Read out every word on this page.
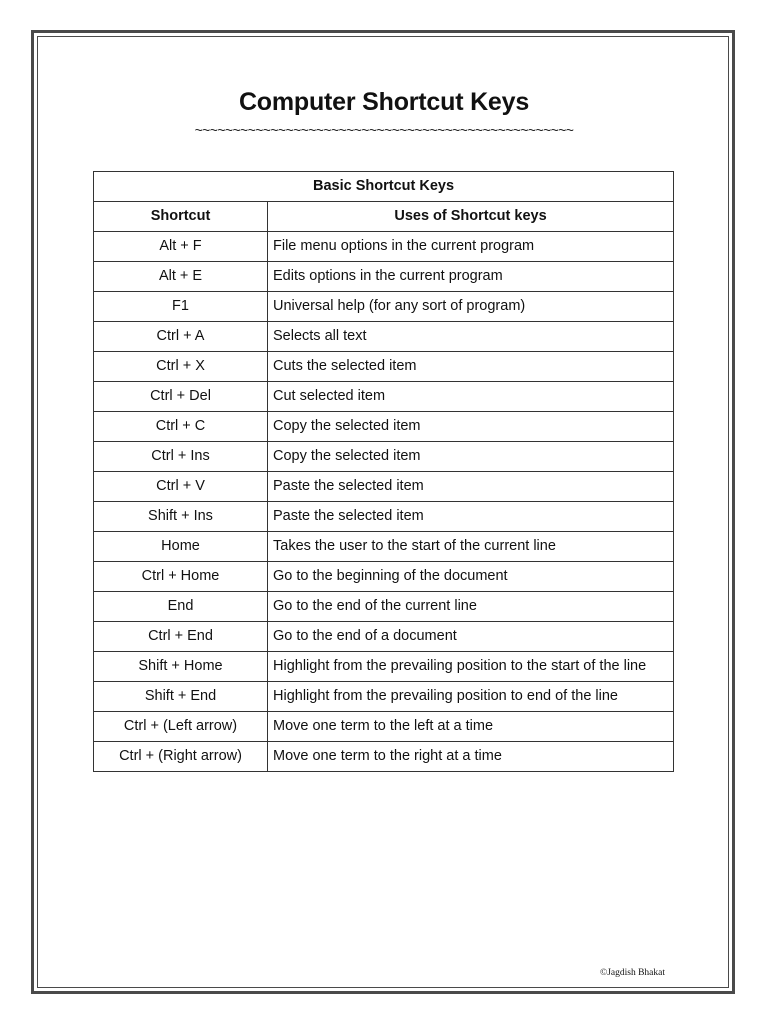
Computer Shortcut Keys
~~~~~~~~~~~~~~~~~~~~~~~~~~~~~~~~~~~~~~~~~~~~~~~~~~
Basic Shortcut Keys	
Shortcut	Uses of Shortcut keys
Alt + F	File menu options in the current program
Alt + E	Edits options in the current program
F1	Universal help (for any sort of program)
Ctrl + A	Selects all text
Ctrl + X	Cuts the selected item
Ctrl + Del	Cut selected item
Ctrl + C	Copy the selected item
Ctrl + Ins	Copy the selected item
Ctrl + V	Paste the selected item
Shift + Ins	Paste the selected item
Home	Takes the user to the start of the current line
Ctrl + Home	Go to the beginning of the document
End	Go to the end of the current line
Ctrl + End	Go to the end of a document
Shift + Home	Highlight from the prevailing position to the start of the line
Shift + End	Highlight from the prevailing position to end of the line
Ctrl + (Left arrow)	Move one term to the left at a time
Ctrl + (Right arrow)	Move one term to the right at a time
©Jagdish Bhakat
